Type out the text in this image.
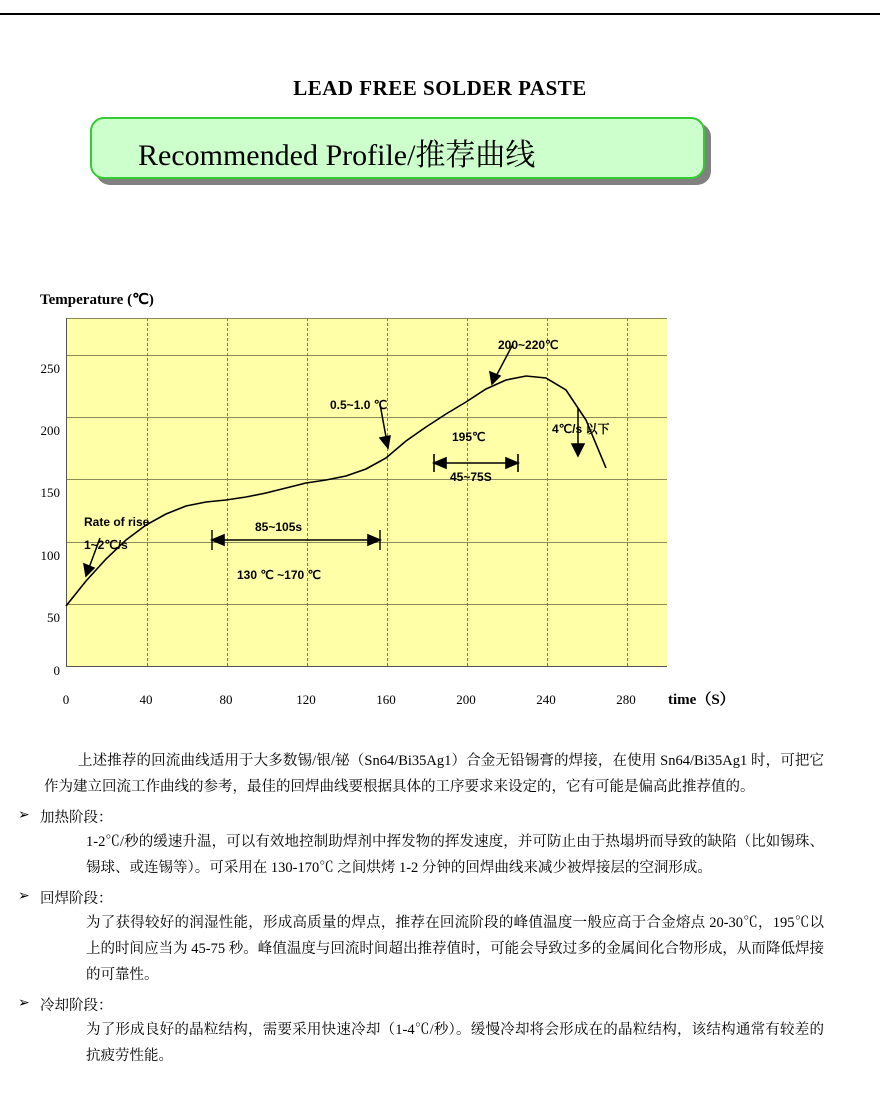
LEAD FREE SOLDER PASTE
Recommended Profile/推荐曲线
Temperature (℃)
250
200
150
100
50
0
0	40	80	120	160	200	240	280	time（S）
200~220℃
0.5~1.0 ℃
4℃/s 以下
195℃
45~75S
Rate of rise
1~2℃/s
85~105s
130 ℃ ~170 ℃

上述推荐的回流曲线适用于大多数锡/银/铋（Sn64/Bi35Ag1）合金无铅锡膏的焊接，在使用 Sn64/Bi35Ag1 时，可把它作为建立回流工作曲线的参考，最佳的回焊曲线要根据具体的工序要求来设定的，它有可能是偏高此推荐值的。

➢ 加热阶段：

1-2℃/秒的缓速升温，可以有效地控制助焊剂中挥发物的挥发速度，并可防止由于热塌坍而导致的缺陷（比如锡珠、锡球、或连锡等）。可采用在 130-170℃ 之间烘烤 1-2 分钟的回焊曲线来减少被焊接层的空洞形成。

➢ 回焊阶段：

为了获得较好的润湿性能，形成高质量的焊点，推荐在回流阶段的峰值温度一般应高于合金熔点 20-30℃，195℃以上的时间应当为 45-75 秒。峰值温度与回流时间超出推荐值时，可能会导致过多的金属间化合物形成，从而降低焊接的可靠性。

➢ 冷却阶段：

为了形成良好的晶粒结构，需要采用快速冷却（1-4℃/秒）。缓慢冷却将会形成在的晶粒结构，该结构通常有较差的抗疲劳性能。
